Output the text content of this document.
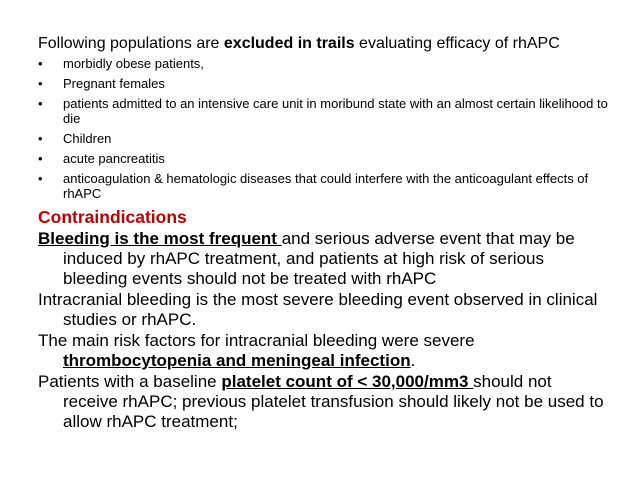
Following populations are excluded in trails evaluating efficacy of rhAPC

• morbidly obese patients,
• Pregnant females
• patients admitted to an intensive care unit in moribund state with an almost certain likelihood to die
• Children
• acute pancreatitis
• anticoagulation & hematologic diseases that could interfere with the anticoagulant effects of rhAPC

Contraindications

Bleeding is the most frequent and serious adverse event that may be induced by rhAPC treatment, and patients at high risk of serious bleeding events should not be treated with rhAPC

Intracranial bleeding is the most severe bleeding event observed in clinical studies or rhAPC.

The main risk factors for intracranial bleeding were severe thrombocytopenia and meningeal infection.

Patients with a baseline platelet count of < 30,000/mm3 should not receive rhAPC; previous platelet transfusion should likely not be used to allow rhAPC treatment;
